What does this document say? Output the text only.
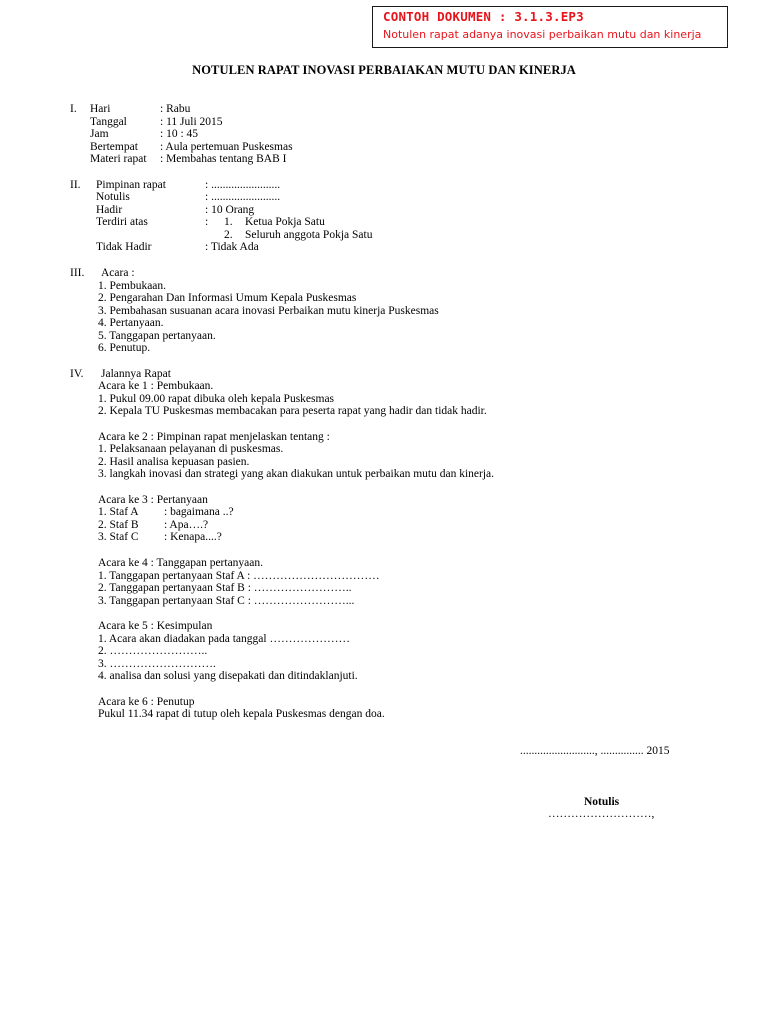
CONTOH DOKUMEN : 3.1.3.EP3
Notulen rapat adanya inovasi perbaikan mutu dan kinerja
NOTULEN RAPAT INOVASI PERBAIAKAN MUTU DAN KINERJA
I. Hari	: Rabu
Tanggal	: 11 Juli 2015
Jam	: 10 : 45
Bertempat : Aula pertemuan Puskesmas
Materi rapat : Membahas tentang BAB I
II. Pimpinan rapat	: ........................
Notulis	: ........................
Hadir	: 10 Orang
Terdiri atas	: 1. Ketua Pokja Satu
2. Seluruh anggota Pokja Satu
Tidak Hadir	: Tidak Ada
III. Acara :
1. Pembukaan.
2. Pengarahan Dan Informasi Umum Kepala Puskesmas
3. Pembahasan susuanan acara inovasi Perbaikan mutu kinerja Puskesmas
4. Pertanyaan.
5. Tanggapan pertanyaan.
6. Penutup.
IV. Jalannya Rapat
Acara ke 1 : Pembukaan.
1. Pukul 09.00 rapat dibuka oleh kepala Puskesmas
2. Kepala TU Puskesmas membacakan para peserta rapat yang hadir dan tidak hadir.
Acara ke 2 : Pimpinan rapat menjelaskan tentang :
1. Pelaksanaan pelayanan di puskesmas.
2. Hasil analisa kepuasan pasien.
3. langkah inovasi dan strategi yang akan diakukan untuk perbaikan mutu dan kinerja.
Acara ke 3 : Pertanyaan
1. Staf A : bagaimana ..?
2. Staf B : Apa….?
3. Staf C : Kenapa....?
Acara ke 4 : Tanggapan pertanyaan.
1. Tanggapan pertanyaan Staf A : ……………………………
2. Tanggapan pertanyaan Staf B : ……………………..
3. Tanggapan pertanyaan Staf C : ……………………...
Acara ke 5 : Kesimpulan
1. Acara akan diadakan pada tanggal …………………
2. ……………………..
3. ……………………….
4. analisa dan solusi yang disepakati dan ditindaklanjuti.
Acara ke 6 : Penutup
Pukul 11.34 rapat di tutup oleh kepala Puskesmas dengan doa.
.........................., ............... 2015
Notulis
………………………,
